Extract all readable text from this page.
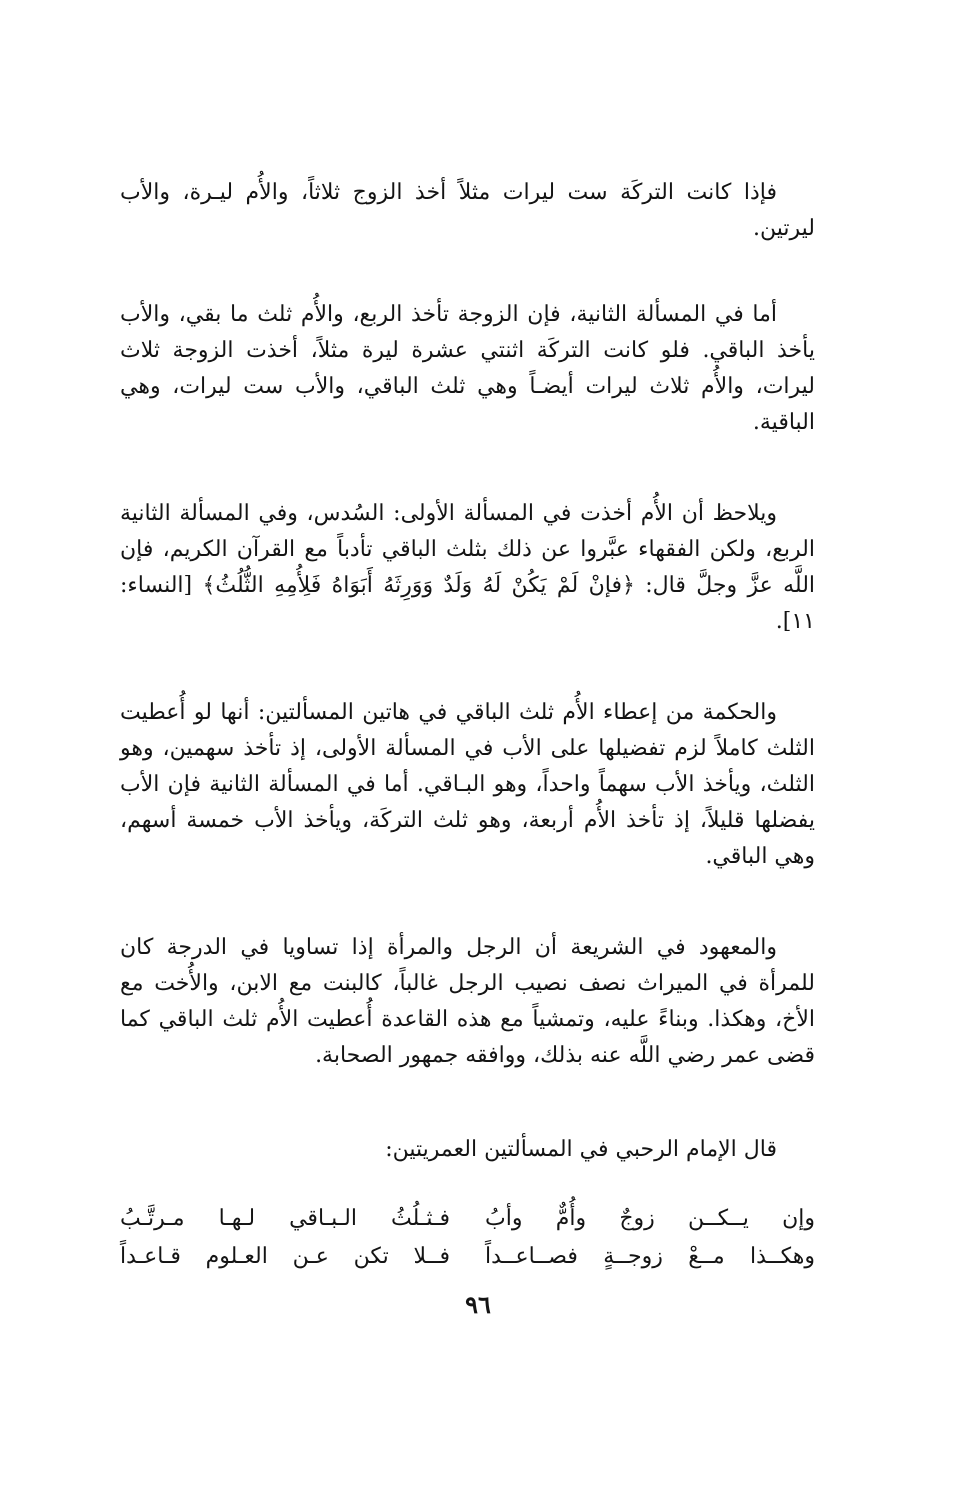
فإذا كانت التركَة ست ليرات مثلاً أخذ الزوج ثلاثاً، والأُم ليـرة، والأب ليرتين.

أما في المسألة الثانية، فإن الزوجة تأخذ الربع، والأُم ثلث ما بقي، والأب يأخذ الباقي. فلو كانت التركَة اثنتي عشرة ليرة مثلاً، أخذت الزوجة ثلاث ليرات، والأُم ثلاث ليرات أيضـاً وهي ثلث الباقي، والأب ست ليرات، وهي الباقية.

ويلاحظ أن الأُم أخذت في المسألة الأولى: السُدس، وفي المسألة الثانية الربع، ولكن الفقهاء عبَّروا عن ذلك بثلث الباقي تأدباً مع القرآن الكريم، فإن اللَّه عزَّ وجلَّ قال: ﴿فإنْ لَمْ يَكُنْ لَهُ وَلَدٌ وَوَرِثَهُ أَبَوَاهُ فَلِأُمِهِ الثُّلُثُ﴾ [النساء: ١١].

والحكمة من إعطاء الأُم ثلث الباقي في هاتين المسألتين: أنها لو أُعطيت الثلث كاملاً لزم تفضيلها على الأب في المسألة الأولى، إذ تأخذ سهمين، وهو الثلث، ويأخذ الأب سهماً واحداً، وهو البـاقي. أما في المسألة الثانية فإن الأب يفضلها قليلاً، إذ تأخذ الأُم أربعة، وهو ثلث التركَة، ويأخذ الأب خمسة أسهم، وهي الباقي.

والمعهود في الشريعة أن الرجل والمرأة إذا تساويا في الدرجة كان للمرأة في الميراث نصف نصيب الرجل غالباً، كالبنت مع الابن، والأُخت مع الأخ، وهكذا. وبناءً عليه، وتمشياً مع هذه القاعدة أُعطيت الأُم ثلث الباقي كما قضى عمر رضي اللَّه عنه بذلك، ووافقه جمهور الصحابة.

قال الإمام الرحبي في المسألتين العمريتين:

وإن يــكــن زوجٌ وأُمٌّ وأبُ
فـثـلُثُ الـبـاقي لـهـا مـرتَّـبُ
وهكــذا مــعْ زوجــةٍ فصــاعــداً
فــلا تكن عـن العـلوم قـاعـداً
٩٦
